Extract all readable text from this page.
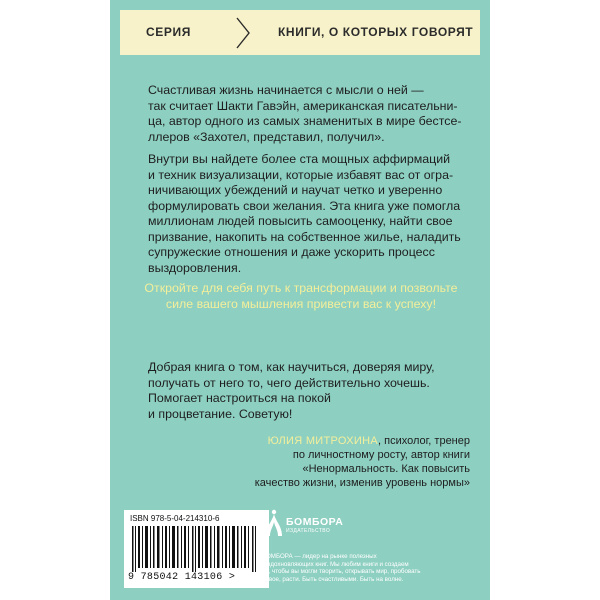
СЕРИЯ	КНИГИ, О КОТОРЫХ ГОВОРЯТ

Счастливая жизнь начинается с мысли о ней —
так считает Шакти Гавэйн, американская писательни-
ца, автор одного из самых знаменитых в мире бестсе-
ллеров «Захотел, представил, получил».

Внутри вы найдете более ста мощных аффирмаций
и техник визуализации, которые избавят вас от огра-
ничивающих убеждений и научат четко и уверенно
формулировать свои желания. Эта книга уже помогла
миллионам людей повысить самооценку, найти свое
призвание, накопить на собственное жилье, наладить
супружеские отношения и даже ускорить процесс
выздоровления.

Откройте для себя путь к трансформации и позвольте
силе вашего мышления привести вас к успеху!

Добрая книга о том, как научиться, доверяя миру,
получать от него то, чего действительно хочешь.
Помогает настроиться на покой
и процветание. Советую!

ЮЛИЯ МИТРОХИНА, психолог, тренер
по личностному росту, автор книги
«Ненормальность. Как повысить
качество жизни, изменив уровень нормы»

ISBN 978-5-04-214310-6
9 785042 143106 >
БОМБОРА
ИЗДАТЕЛЬСТВО

БОМБОРА — лидер на рынке полезных
и вдохновляющих книг. Мы любим книги и создаем
их, чтобы вы могли творить, открывать мир, пробовать
новое, расти. Быть счастливыми. Быть на волне.
